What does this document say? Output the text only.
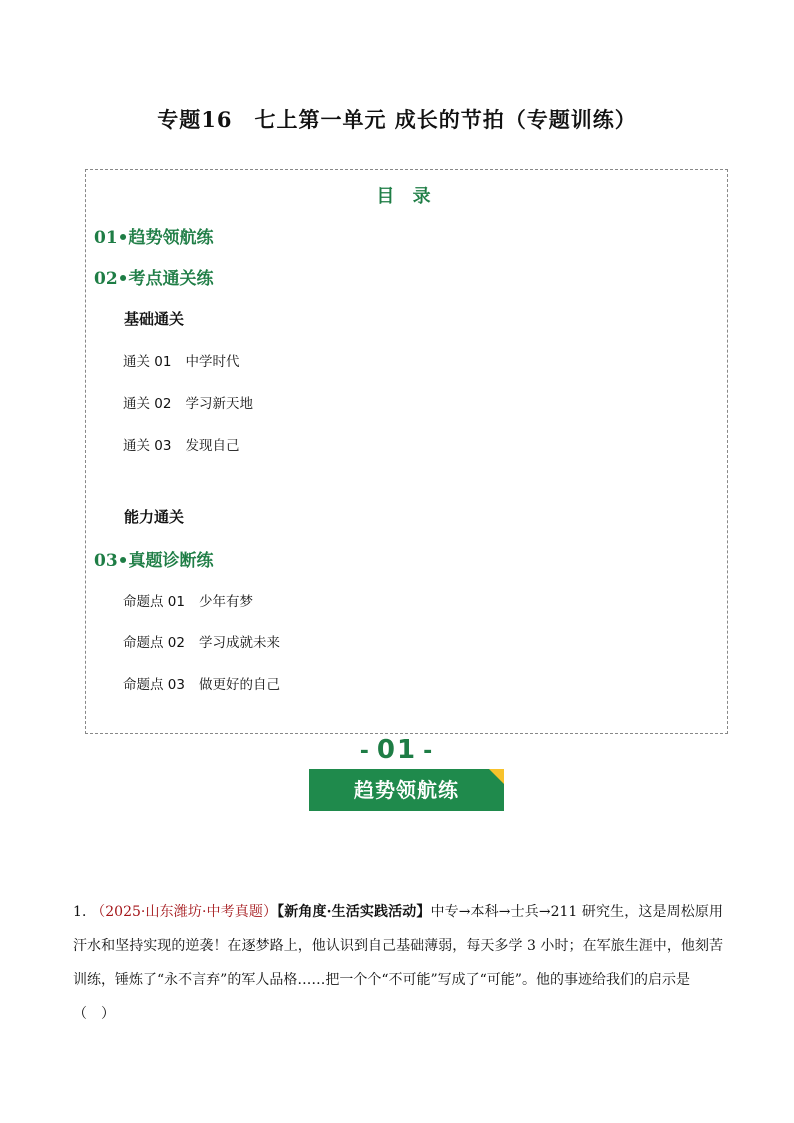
专题16　七上第一单元 成长的节拍（专题训练）
目 录
01•趋势领航练
02•考点通关练
基础通关
通关 01 中学时代
通关 02 学习新天地
通关 03 发现自己
能力通关
03•真题诊断练
命题点 01 少年有梦
命题点 02 学习成就未来
命题点 03 做更好的自己
- 01 -
趋势领航练
1． （2025·山东潍坊·中考真题）【新角度·生活实践活动】中专→本科→士兵→211 研究生，这是周松原用汗水和坚持实现的逆袭！在逐梦路上，他认识到自己基础薄弱，每天多学 3 小时；在军旅生涯中，他刻苦训练，锤炼了“永不言弃”的军人品格……把一个个“不可能”写成了“可能”。他的事迹给我们的启示是
（　）
